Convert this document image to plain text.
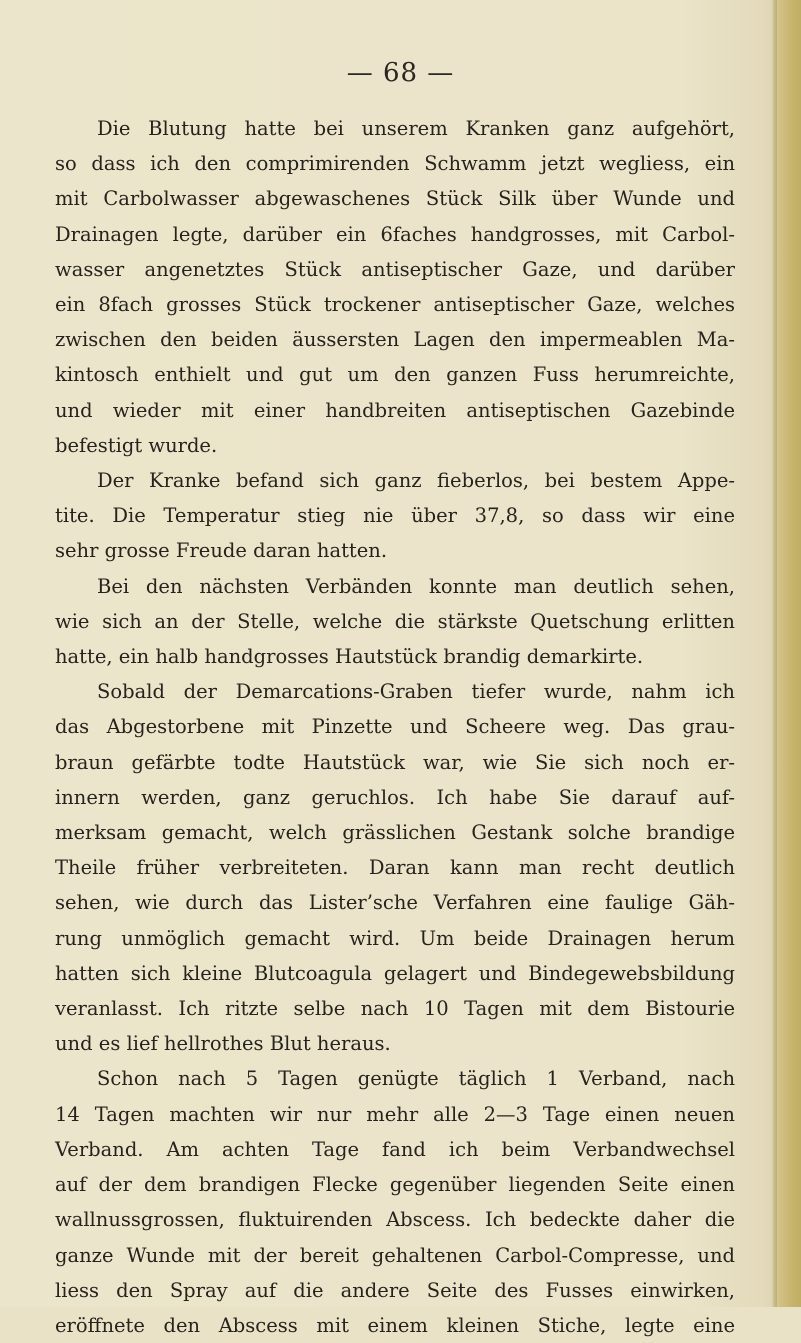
— 68 —
Die Blutung hatte bei unserem Kranken ganz aufgehört,
so dass ich den comprimirenden Schwamm jetzt wegliess, ein
mit Carbolwasser abgewaschenes Stück Silk über Wunde und
Drainagen legte, darüber ein 6faches handgrosses, mit Carbol-
wasser angenetztes Stück antiseptischer Gaze, und darüber
ein 8fach grosses Stück trockener antiseptischer Gaze, welches
zwischen den beiden äussersten Lagen den impermeablen Ma-
kintosch enthielt und gut um den ganzen Fuss herumreichte,
und wieder mit einer handbreiten antiseptischen Gazebinde
befestigt wurde.
Der Kranke befand sich ganz fieberlos, bei bestem Appe-
tite. Die Temperatur stieg nie über 37,8, so dass wir eine
sehr grosse Freude daran hatten.
Bei den nächsten Verbänden konnte man deutlich sehen,
wie sich an der Stelle, welche die stärkste Quetschung erlitten
hatte, ein halb handgrosses Hautstück brandig demarkirte.
Sobald der Demarcations-Graben tiefer wurde, nahm ich
das Abgestorbene mit Pinzette und Scheere weg. Das grau-
braun gefärbte todte Hautstück war, wie Sie sich noch er-
innern werden, ganz geruchlos. Ich habe Sie darauf auf-
merksam gemacht, welch grässlichen Gestank solche brandige
Theile früher verbreiteten. Daran kann man recht deutlich
sehen, wie durch das Lister’sche Verfahren eine faulige Gäh-
rung unmöglich gemacht wird. Um beide Drainagen herum
hatten sich kleine Blutcoagula gelagert und Bindegewebsbildung
veranlasst. Ich ritzte selbe nach 10 Tagen mit dem Bistourie
und es lief hellrothes Blut heraus.
Schon nach 5 Tagen genügte täglich 1 Verband, nach
14 Tagen machten wir nur mehr alle 2—3 Tage einen neuen
Verband. Am achten Tage fand ich beim Verbandwechsel
auf der dem brandigen Flecke gegenüber liegenden Seite einen
wallnussgrossen, fluktuirenden Abscess. Ich bedeckte daher die
ganze Wunde mit der bereit gehaltenen Carbol-Compresse, und
liess den Spray auf die andere Seite des Fusses einwirken,
eröffnete den Abscess mit einem kleinen Stiche, legte eine
